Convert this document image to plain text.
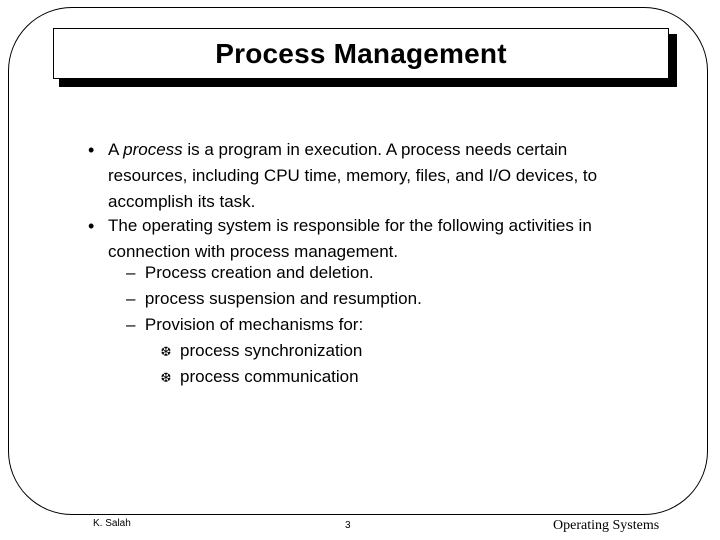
Process Management
• A process is a program in execution. A process needs certain
resources, including CPU time, memory, files, and I/O devices, to
accomplish its task.
• The operating system is responsible for the following activities in
connection with process management.
– Process creation and deletion.
– process suspension and resumption.
– Provision of mechanisms for:
❆ process synchronization
❆ process communication
K. Salah	3	Operating Systems
